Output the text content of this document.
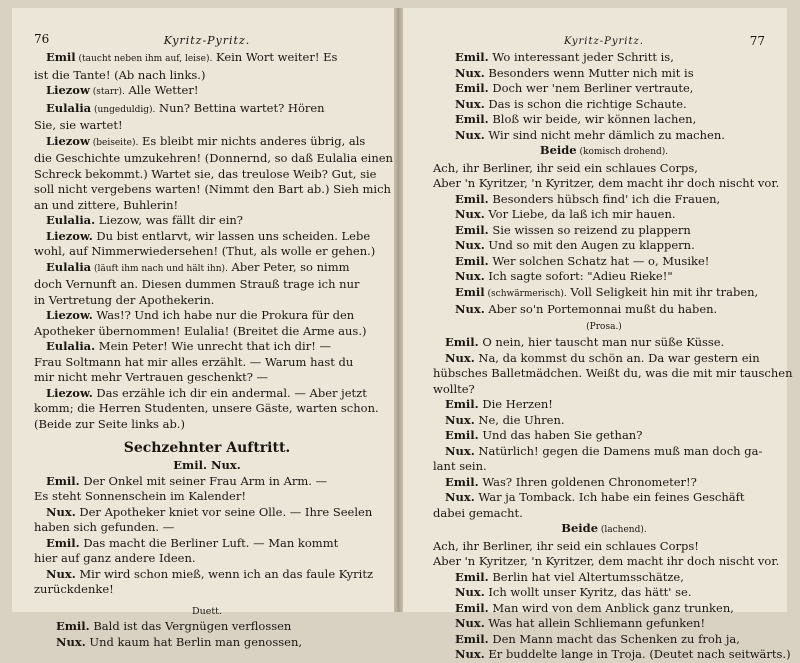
76	Kyritz-Pyritz.
Emil (taucht neben ihm auf, leise). Kein Wort weiter! Es
ist die Tante! (Ab nach links.)
Liezow (starr). Alle Wetter!
Eulalia (ungeduldig). Nun? Bettina wartet? Hören
Sie, sie wartet!
Liezow (beiseite). Es bleibt mir nichts anderes übrig, als
die Geschichte umzukehren! (Donnernd, so daß Eulalia einen
Schreck bekommt.) Wartet sie, das treulose Weib? Gut, sie
soll nicht vergebens warten! (Nimmt den Bart ab.) Sieh mich
an und zittere, Buhlerin!
Eulalia. Liezow, was fällt dir ein?
Liezow. Du bist entlarvt, wir lassen uns scheiden. Lebe
wohl, auf Nimmerwiedersehen! (Thut, als wolle er gehen.)
Eulalia (läuft ihm nach und hält ihn). Aber Peter, so nimm
doch Vernunft an. Diesen dummen Strauß trage ich nur
in Vertretung der Apothekerin.
Liezow. Was!? Und ich habe nur die Prokura für den
Apotheker übernommen! Eulalia! (Breitet die Arme aus.)
Eulalia. Mein Peter! Wie unrecht that ich dir! —
Frau Soltmann hat mir alles erzählt. — Warum hast du
mir nicht mehr Vertrauen geschenkt? —
Liezow. Das erzähle ich dir ein andermal. — Aber jetzt
komm; die Herren Studenten, unsere Gäste, warten schon.
(Beide zur Seite links ab.)
Sechzehnter Auftritt.
Emil. Nux.
Emil. Der Onkel mit seiner Frau Arm in Arm. —
Es steht Sonnenschein im Kalender!
Nux. Der Apotheker kniet vor seine Olle. — Ihre Seelen
haben sich gefunden. —
Emil. Das macht die Berliner Luft. — Man kommt
hier auf ganz andere Ideen.
Nux. Mir wird schon mieß, wenn ich an das faule Kyritz
zurückdenke!
Duett.
Emil. Bald ist das Vergnügen verflossen
Nux. Und kaum hat Berlin man genossen,
Kyritz-Pyritz.	77
Emil. Wo interessant jeder Schritt is,
Nux. Besonders wenn Mutter nich mit is
Emil. Doch wer 'nem Berliner vertraute,
Nux. Das is schon die richtige Schaute.
Emil. Bloß wir beide, wir können lachen,
Nux. Wir sind nicht mehr dämlich zu machen.
Beide (komisch drohend).
Ach, ihr Berliner, ihr seid ein schlaues Corps,
Aber 'n Kyritzer, 'n Kyritzer, dem macht ihr doch nischt vor.
Emil. Besonders hübsch find' ich die Frauen,
Nux. Vor Liebe, da laß ich mir hauen.
Emil. Sie wissen so reizend zu plappern
Nux. Und so mit den Augen zu klappern.
Emil. Wer solchen Schatz hat — o, Musike!
Nux. Ich sagte sofort: "Adieu Rieke!"
Emil (schwärmerisch). Voll Seligkeit hin mit ihr traben,
Nux. Aber so'n Portemonnai mußt du haben.
(Prosa.)
Emil. O nein, hier tauscht man nur süße Küsse.
Nux. Na, da kommst du schön an. Da war gestern ein
hübsches Balletmädchen. Weißt du, was die mit mir tauschen
wollte?
Emil. Die Herzen!
Nux. Ne, die Uhren.
Emil. Und das haben Sie gethan?
Nux. Natürlich! gegen die Damens muß man doch ga-
lant sein.
Emil. Was? Ihren goldenen Chronometer!?
Nux. War ja Tomback. Ich habe ein feines Geschäft
dabei gemacht.
Beide (lachend).
Ach, ihr Berliner, ihr seid ein schlaues Corps!
Aber 'n Kyritzer, 'n Kyritzer, dem macht ihr doch nischt vor.
Emil. Berlin hat viel Altertumsschätze,
Nux. Ich wollt unser Kyritz, das hätt' se.
Emil. Man wird von dem Anblick ganz trunken,
Nux. Was hat allein Schliemann gefunken!
Emil. Den Mann macht das Schenken zu froh ja,
Nux. Er buddelte lange in Troja. (Deutet nach seitwärts.)
